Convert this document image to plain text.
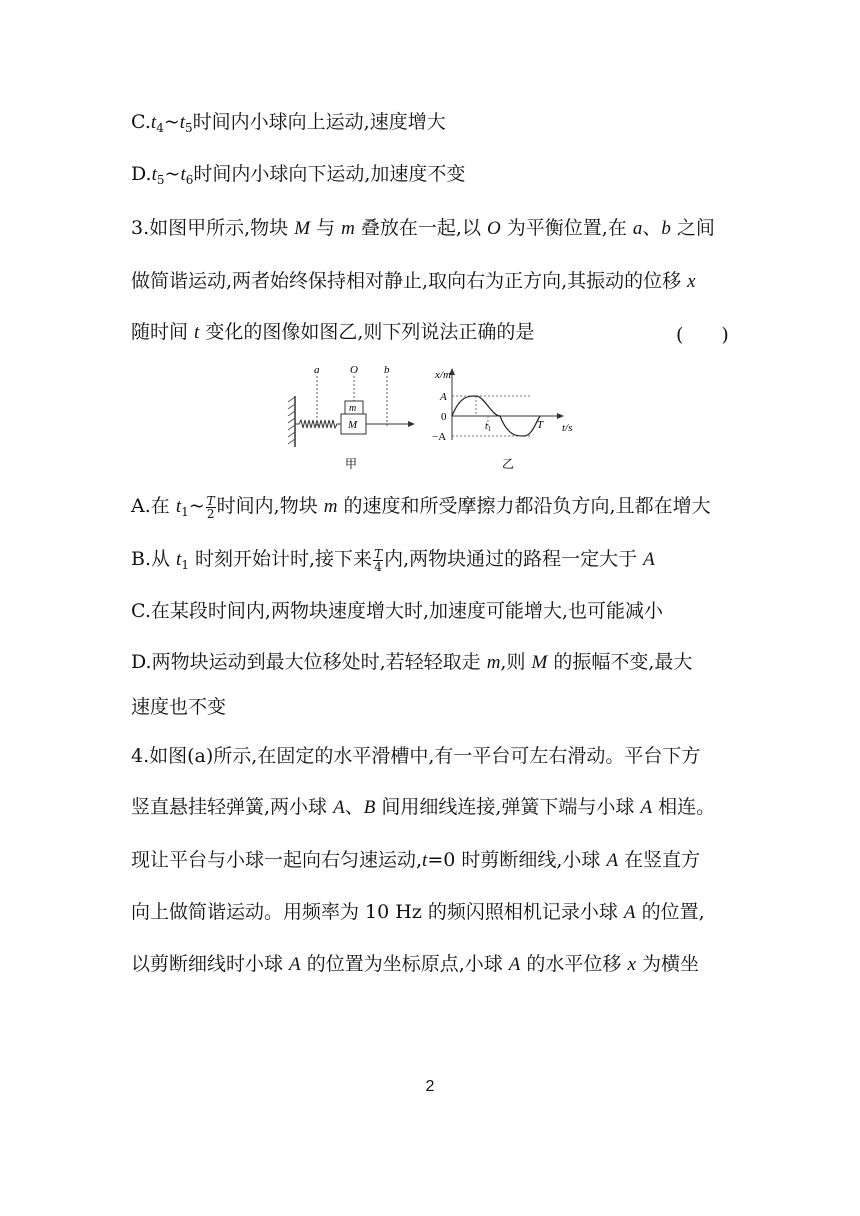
$C.t_4\sim t_5$时间内小球向上运动,速度增大
$D.t_5\sim t_6$时间内小球向下运动,加速度不变
3.如图甲所示,物块 M 与 m 叠放在一起,以 O 为平衡位置,在 a、b 之间
做简谐运动,两者始终保持相对静止,取向右为正方向,其振动的位移 x
随时间 t 变化的图像如图乙,则下列说法正确的是	(　　)
a	O b
m
M
甲
x/m
t/s
A
0
−A
$t_1$	T
乙
A.在 $t_1\sim \frac{T}{2}$ 时间内,物块 m 的速度和所受摩擦力都沿负方向,且都在增大
B.从 $t_1$ 时刻开始计时,接下来 $\frac{T}{4}$ 内,两物块通过的路程一定大于 A
C.在某段时间内,两物块速度增大时,加速度可能增大,也可能减小
D.两物块运动到最大位移处时,若轻轻取走 m,则 M 的振幅不变,最大
速度也不变
4.如图(a)所示,在固定的水平滑槽中,有一平台可左右滑动。平台下方
竖直悬挂轻弹簧,两小球 A、B 间用细线连接,弹簧下端与小球 A 相连。
现让平台与小球一起向右匀速运动,t=0 时剪断细线,小球 A 在竖直方
向上做简谐运动。用频率为 10 Hz 的频闪照相机记录小球 A 的位置,
以剪断细线时小球 A 的位置为坐标原点,小球 A 的水平位移 x 为横坐
2
